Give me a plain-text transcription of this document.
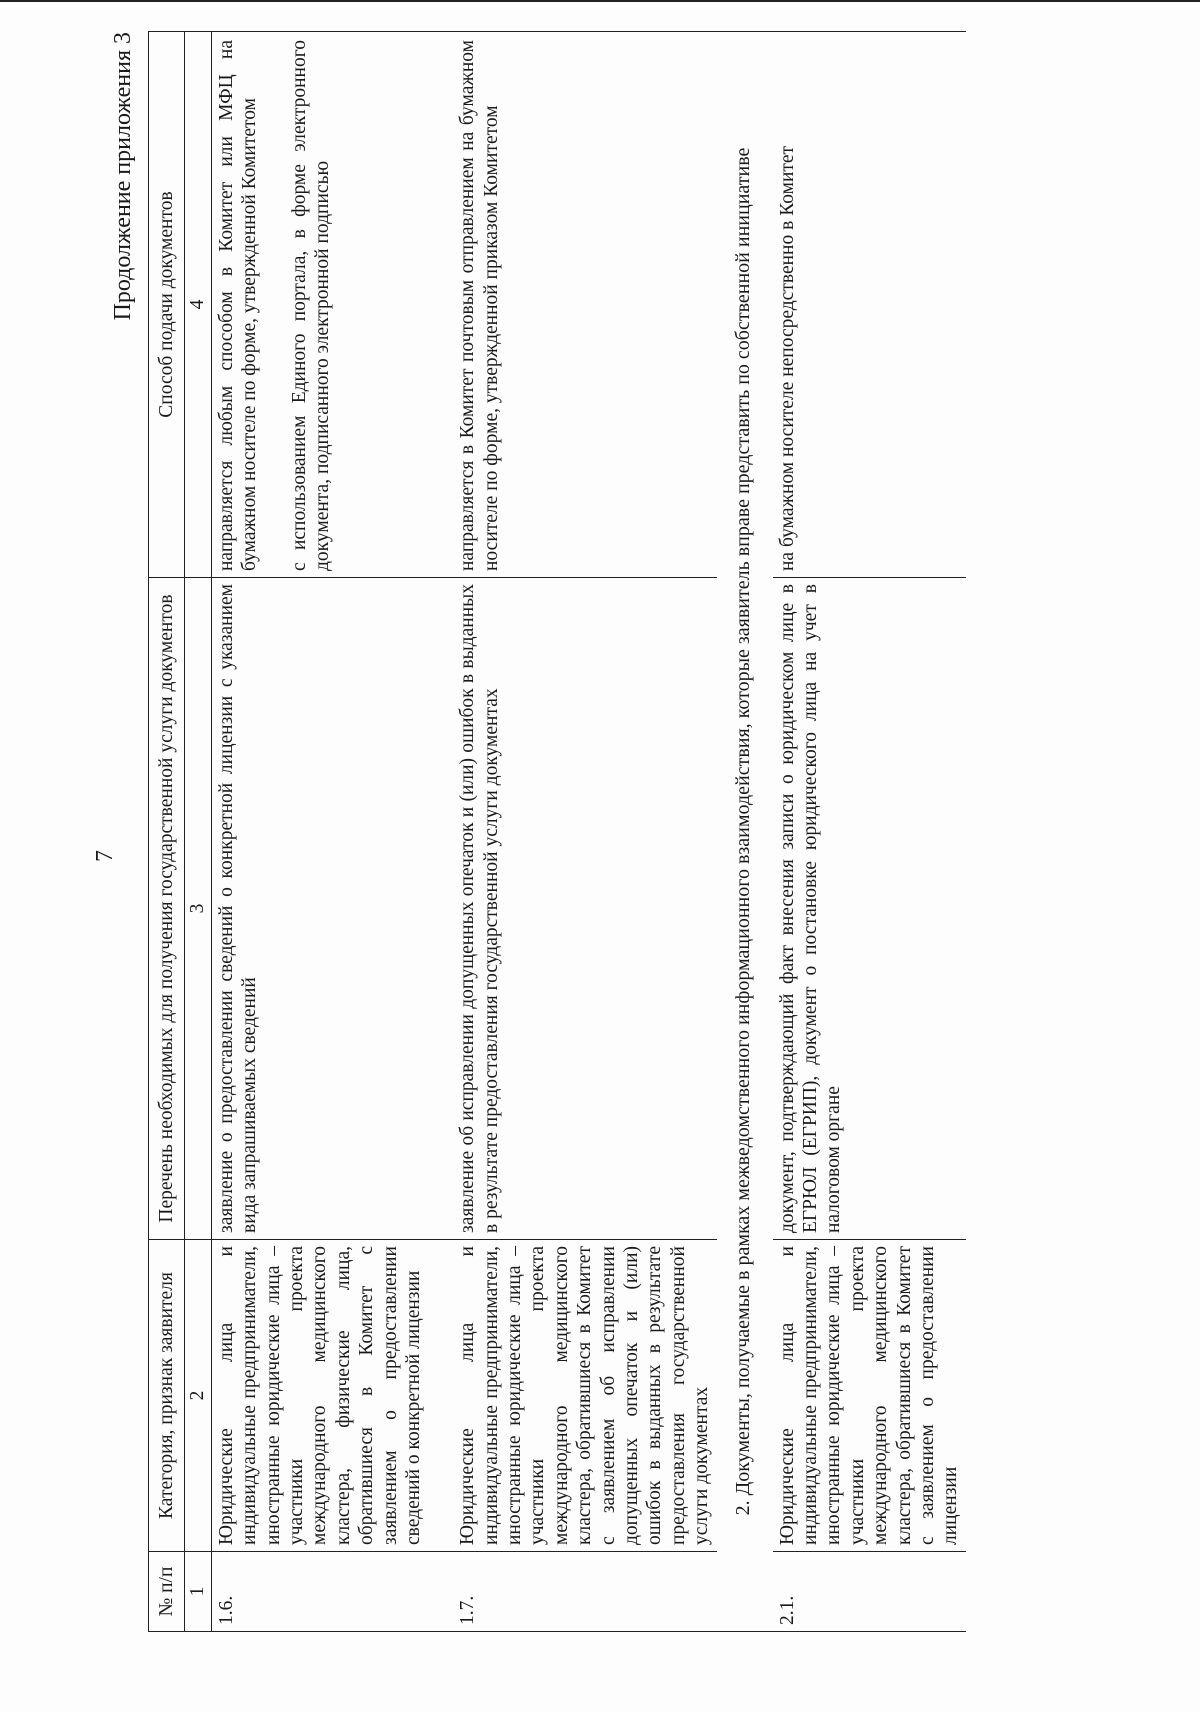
7
Продолжение приложения 3
№ п/п	Категория, признак заявителя	Перечень необходимых для получения государственной услуги документов	Способ подачи документов
1	2	3	4
1.6.	Юридические лица и индивидуальные предприниматели, иностранные юридические лица – участники проекта международного медицинского кластера, физические лица, обратившиеся в Комитет с заявлением о предоставлении сведений о конкретной лицензии	заявление о предоставлении сведений о конкретной лицензии с указанием вида запрашиваемых сведений	направляется любым способом в Комитет или МФЦ на бумажном носителе по форме, утвержденной Комитетом с использованием Единого портала, в форме электронного документа, подписанного электронной подписью
1.7.	Юридические лица и индивидуальные предприниматели, иностранные юридические лица – участники проекта международного медицинского кластера, обратившиеся в Комитет с заявлением об исправлении допущенных опечаток и (или) ошибок в выданных в результате предоставления государственной услуги документах	заявление об исправлении допущенных опечаток и (или) ошибок в выданных в результате предоставления государственной услуги документах	направляется в Комитет почтовым отправлением на бумажном носителе по форме, утвержденной приказом Комитетом
2. Документы, получаемые в рамках межведомственного информационного взаимодействия, которые заявитель вправе представить по собственной инициативе			
2.1.	Юридические лица и индивидуальные предприниматели, иностранные юридические лица – участники проекта международного медицинского кластера, обратившиеся в Комитет с заявлением о предоставлении лицензии	документ, подтверждающий факт внесения записи о юридическом лице в ЕГРЮЛ (ЕГРИП), документ о постановке юридического лица на учет в налоговом органе	на бумажном носителе непосредственно в Комитет
